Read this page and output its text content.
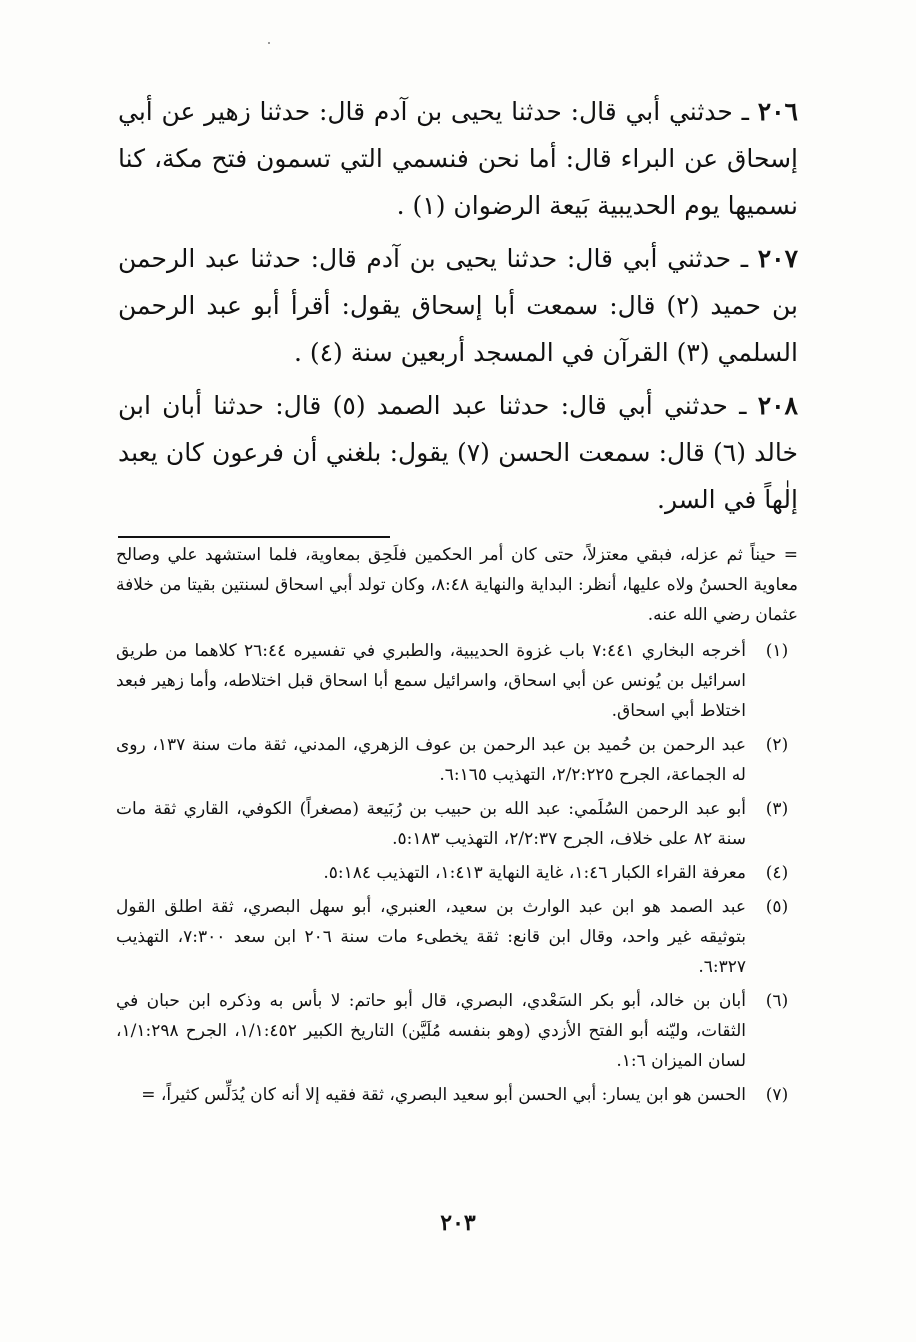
٢٠٦ ـ حدثني أبي قال: حدثنا يحيى بن آدم قال: حدثنا زهير عن أبي إسحاق عن البراء قال: أما نحن فنسمي التي تسمون فتح مكة، كنا نسميها يوم الحديبية بَيعة الرضوان (١) .

٢٠٧ ـ حدثني أبي قال: حدثنا يحيى بن آدم قال: حدثنا عبد الرحمن بن حميد (٢) قال: سمعت أبا إسحاق يقول: أقرأ أبو عبد الرحمن السلمي (٣) القرآن في المسجد أربعين سنة (٤) .

٢٠٨ ـ حدثني أبي قال: حدثنا عبد الصمد (٥) قال: حدثنا أبان ابن خالد (٦) قال: سمعت الحسن (٧) يقول: بلغني أن فرعون كان يعبد إلٰهاً في السر.

= حيناً ثم عزله، فبقي معتزلاً، حتى كان أمر الحكمين فلَحِق بمعاوية، فلما استشهد علي وصالح معاوية الحسنُ ولاه عليها، أنظر: البداية والنهاية ٨:٤٨، وكان تولد أبي اسحاق لسنتين بقيتا من خلافة عثمان رضي الله عنه.

(١)
أخرجه البخاري ٧:٤٤١ باب غزوة الحديبية، والطبري في تفسيره ٢٦:٤٤ كلاهما من طريق اسرائيل بن يُونس عن أبي اسحاق، واسرائيل سمع أبا اسحاق قبل اختلاطه، وأما زهير فبعد اختلاط أبي اسحاق.
(٢)
عبد الرحمن بن حُميد بن عبد الرحمن بن عوف الزهري، المدني، ثقة مات سنة ١٣٧، روى له الجماعة، الجرح ٢/٢:٢٢٥، التهذيب ٦:١٦٥.
(٣)
أبو عبد الرحمن السُلَمي: عبد الله بن حبيب بن رُبَيعة (مصغراً) الكوفي، القاري ثقة مات سنة ٨٢ على خلاف، الجرح ٢/٢:٣٧، التهذيب ٥:١٨٣.
(٤)
معرفة القراء الكبار ١:٤٦، غاية النهاية ١:٤١٣، التهذيب ٥:١٨٤.
(٥)
عبد الصمد هو ابن عبد الوارث بن سعيد، العنبري، أبو سهل البصري، ثقة اطلق القول بتوثيقه غير واحد، وقال ابن قانع: ثقة يخطىء مات سنة ٢٠٦ ابن سعد ٧:٣٠٠، التهذيب ٦:٣٢٧.
(٦)
أبان بن خالد، أبو بكر السَعْدي، البصري، قال أبو حاتم: لا بأس به وذكره ابن حبان في الثقات، وليّنه أبو الفتح الأزدي (وهو بنفسه مُلَيَّن) التاريخ الكبير ١/١:٤٥٢، الجرح ١/١:٢٩٨، لسان الميزان ١:٦.
(٧)
الحسن هو ابن يسار: أبي الحسن أبو سعيد البصري، ثقة فقيه إلا أنه كان يُدَلِّس كثيراً، =
٢٠٣
